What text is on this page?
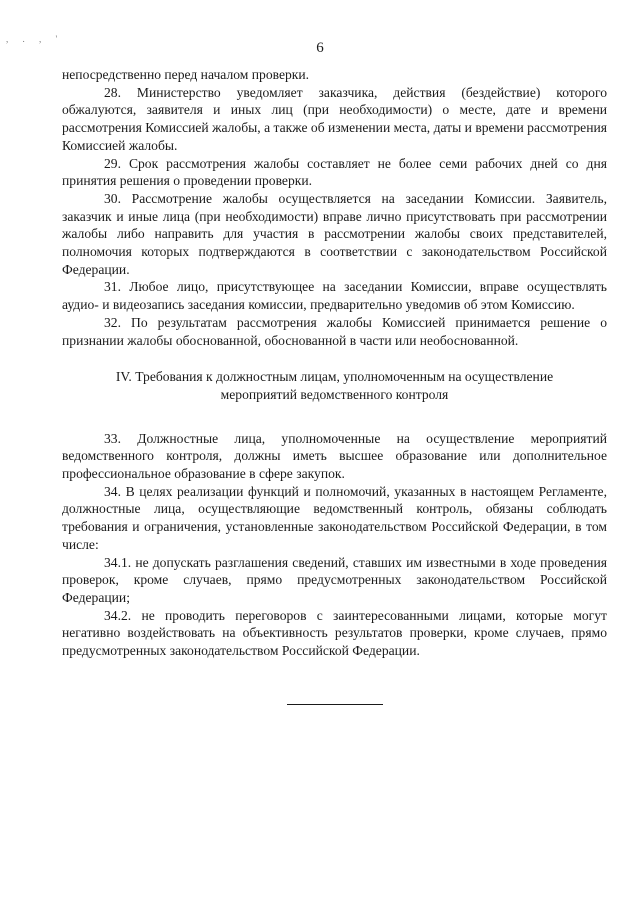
, . , '
6

непосредственно перед началом проверки.

28. Министерство уведомляет заказчика, действия (бездействие) которого обжалуются, заявителя и иных лиц (при необходимости) о месте, дате и времени рассмотрения Комиссией жалобы, а также об изменении места, даты и времени рассмотрения Комиссией жалобы.

29. Срок рассмотрения жалобы составляет не более семи рабочих дней со дня принятия решения о проведении проверки.

30. Рассмотрение жалобы осуществляется на заседании Комиссии. Заявитель, заказчик и иные лица (при необходимости) вправе лично присутствовать при рассмотрении жалобы либо направить для участия в рассмотрении жалобы своих представителей, полномочия которых подтверждаются в соответствии с законодательством Российской Федерации.

31. Любое лицо, присутствующее на заседании Комиссии, вправе осуществлять аудио- и видеозапись заседания комиссии, предварительно уведомив об этом Комиссию.

32. По результатам рассмотрения жалобы Комиссией принимается решение о признании жалобы обоснованной, обоснованной в части или необоснованной.

IV. Требования к должностным лицам, уполномоченным на осуществление
мероприятий ведомственного контроля

33. Должностные лица, уполномоченные на осуществление мероприятий ведомственного контроля, должны иметь высшее образование или дополнительное профессиональное образование в сфере закупок.

34. В целях реализации функций и полномочий, указанных в настоящем Регламенте, должностные лица, осуществляющие ведомственный контроль, обязаны соблюдать требования и ограничения, установленные законодательством Российской Федерации, в том числе:

34.1. не допускать разглашения сведений, ставших им известными в ходе проведения проверок, кроме случаев, прямо предусмотренных законодательством Российской Федерации;

34.2. не проводить переговоров с заинтересованными лицами, которые могут негативно воздействовать на объективность результатов проверки, кроме случаев, прямо предусмотренных законодательством Российской Федерации.
